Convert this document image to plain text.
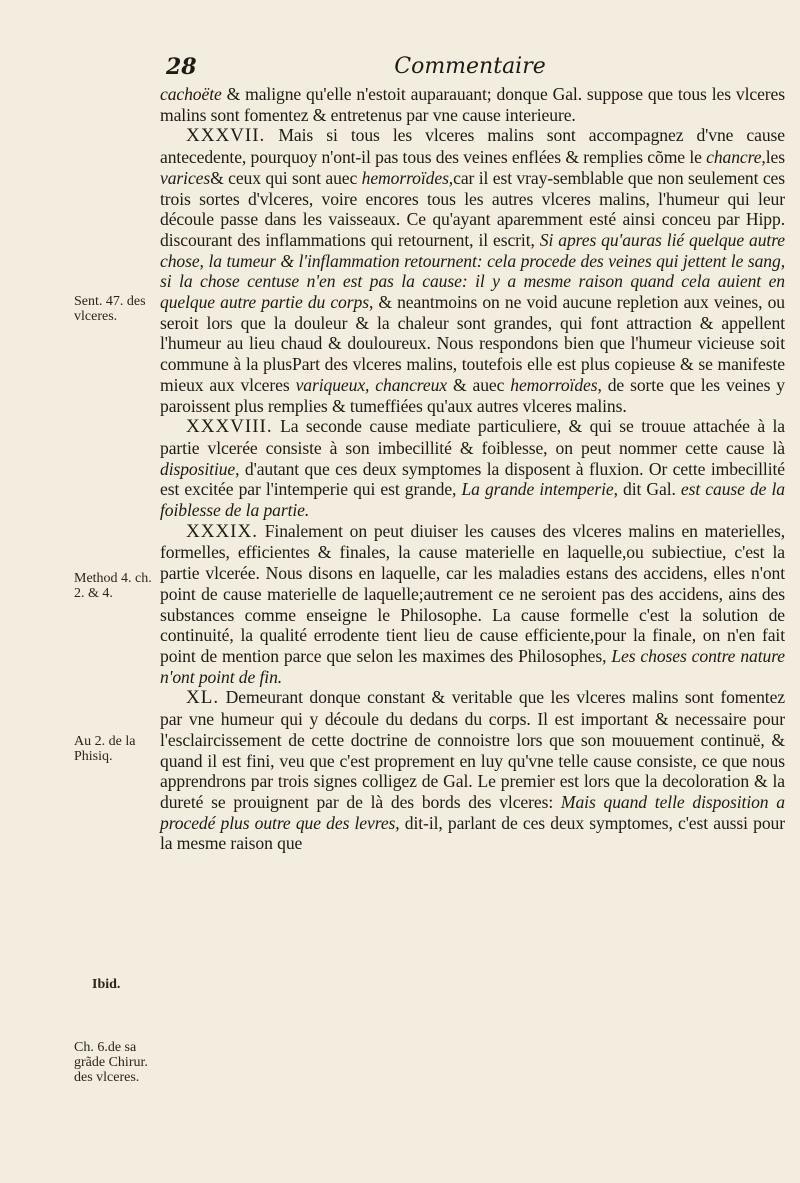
Commentaire
28
Sent. 47. des vlceres.
Method 4. ch. 2. & 4.
Au 2. de la Phisiq.
Ibid.
Ch. 6.de sa grãde Chirur. des vlceres.

cachoëte & maligne qu'elle n'estoit auparauant; donque Gal. suppose que tous les vlceres malins sont fomentez & entretenus par vne cause interieure.

XXXVII. Mais si tous les vlceres malins sont accompagnez d'vne cause antecedente, pourquoy n'ont-il pas tous des veines enflées & remplies cõme le chancre,les varices& ceux qui sont auec hemorroïdes,car il est vray-semblable que non seulement ces trois sortes d'vlceres, voire encores tous les autres vlceres malins, l'humeur qui leur découle passe dans les vaisseaux. Ce qu'ayant aparemment esté ainsi conceu par Hipp. discourant des inflammations qui retournent, il escrit, Si apres qu'auras lié quelque autre chose, la tumeur & l'inflammation retournent: cela procede des veines qui jettent le sang, si la chose centuse n'en est pas la cause: il y a mesme raison quand cela auient en quelque autre partie du corps, & neantmoins on ne void aucune repletion aux veines, ou seroit lors que la douleur & la chaleur sont grandes, qui font attraction & appellent l'humeur au lieu chaud & douloureux. Nous respondons bien que l'humeur vicieuse soit commune à la plusPart des vlceres malins, toutefois elle est plus copieuse & se manifeste mieux aux vlceres variqueux, chancreux & auec hemorroïdes, de sorte que les veines y paroissent plus remplies & tumeffiées qu'aux autres vlceres malins.

XXXVIII. La seconde cause mediate particuliere, & qui se trouue attachée à la partie vlcerée consiste à son imbecillité & foiblesse, on peut nommer cette cause là dispositiue, d'autant que ces deux symptomes la disposent à fluxion. Or cette imbecillité est excitée par l'intemperie qui est grande, La grande intemperie, dit Gal. est cause de la foiblesse de la partie.

XXXIX. Finalement on peut diuiser les causes des vlceres malins en materielles, formelles, efficientes & finales, la cause materielle en laquelle,ou subiectiue, c'est la partie vlcerée. Nous disons en laquelle, car les maladies estans des accidens, elles n'ont point de cause materielle de laquelle;autrement ce ne seroient pas des accidens, ains des substances comme enseigne le Philosophe. La cause formelle c'est la solution de continuité, la qualité errodente tient lieu de cause efficiente,pour la finale, on n'en fait point de mention parce que selon les maximes des Philosophes, Les choses contre nature n'ont point de fin.

XL. Demeurant donque constant & veritable que les vlceres malins sont fomentez par vne humeur qui y découle du dedans du corps. Il est important & necessaire pour l'esclaircissement de cette doctrine de connoistre lors que son mouuement continuë, & quand il est fini, veu que c'est proprement en luy qu'vne telle cause consiste, ce que nous apprendrons par trois signes colligez de Gal. Le premier est lors que la decoloration & la dureté se prouignent par de là des bords des vlceres: Mais quand telle disposition a procedé plus outre que des levres, dit-il, parlant de ces deux symptomes, c'est aussi pour la mesme raison que
